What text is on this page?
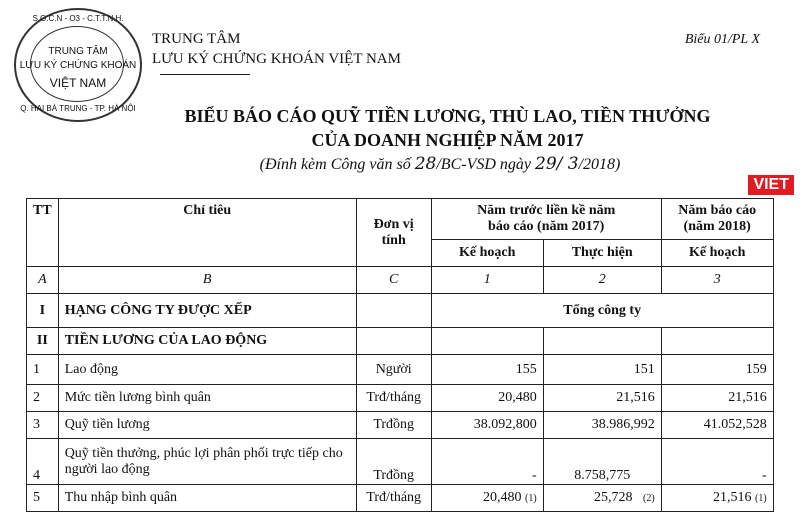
S.G.C.N - O3 - C.T.T.N.H.
TRUNG TÂM
LƯU KÝ CHỨNG KHOÁN
VIỆT NAM
Q. HAI BÀ TRUNG - TP. HÀ NỘI
TRUNG TÂM
LƯU KÝ CHỨNG KHOÁN VIỆT NAM
Biểu 01/PL X
BIỂU BÁO CÁO QUỸ TIỀN LƯƠNG, THÙ LAO, TIỀN THƯỞNG
CỦA DOANH NGHIỆP NĂM 2017
(Đính kèm Công văn số 28/BC-VSD ngày 29/ 3/2018)
TT	Chỉ tiêu	Đơn vị tính	Năm trước liền kề năm báo cáo (năm 2017)		Năm báo cáo (năm 2018)
			Kế hoạch	Thực hiện	Kế hoạch
A	B	C	1	2	3
I	HẠNG CÔNG TY ĐƯỢC XẾP		Tổng công ty		
II	TIỀN LƯƠNG CỦA LAO ĐỘNG				
1	Lao động	Người	155	151	159
2	Mức tiền lương bình quân	Trđ/tháng	20,480	21,516	21,516
3	Quỹ tiền lương	Trđồng	38.092,800	38.986,992	41.052,528
4	Quỹ tiền thưởng, phúc lợi phân phối trực tiếp cho người lao động	Trđồng	-	8.758,775	-
5	Thu nhập bình quân	Trđ/tháng	20,480 (1)	25,728 (2)	21,516 (1)
VIET
